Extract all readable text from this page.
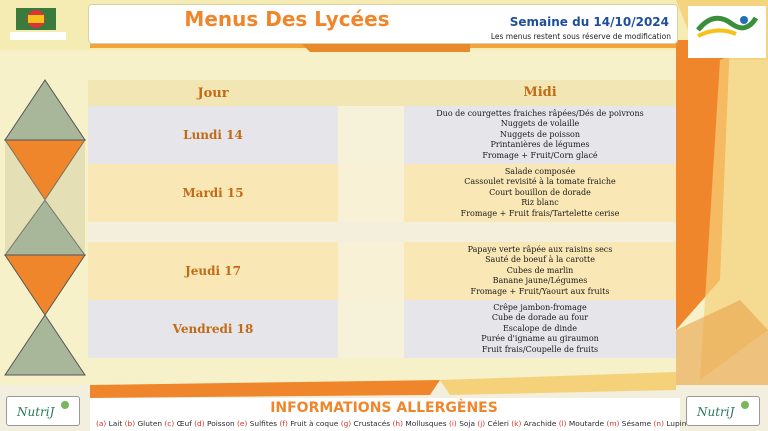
Menus Des Lycées	Semaine du 14/10/2024
Les menus restent sous réserve de modification
Jour		Midi
Lundi 14		Duo de courgettes fraiches râpées/Dés de poivrons
Nuggets de volaille
Nuggets de poisson
Printanières de légumes
Fromage + Fruit/Corn glacé

Mardi 15		Salade composée
Cassoulet revisité à la tomate fraiche
Court bouillon de dorade
Riz blanc
Fromage + Fruit frais/Tartelette cerise

Jeudi 17		Papaye verte râpée aux raisins secs
Sauté de boeuf à la carotte
Cubes de marlin
Banane jaune/Légumes
Fromage + Fruit/Yaourt aux fruits

Vendredi 18		Crêpe jambon-fromage
Cube de dorade au four
Escalope de dinde
Purée d'igname au giraumon
Fruit frais/Coupelle de fruits
NutriJ	NutriJ
INFORMATIONS ALLERGÈNES
(a) Lait (b) Gluten (c) Œuf (d) Poisson (e) Sulfites (f) Fruit à coque (g) Crustacés (h) Mollusques (i) Soja (j) Céleri (k) Arachide (l) Moutarde (m) Sésame (n) Lupin
